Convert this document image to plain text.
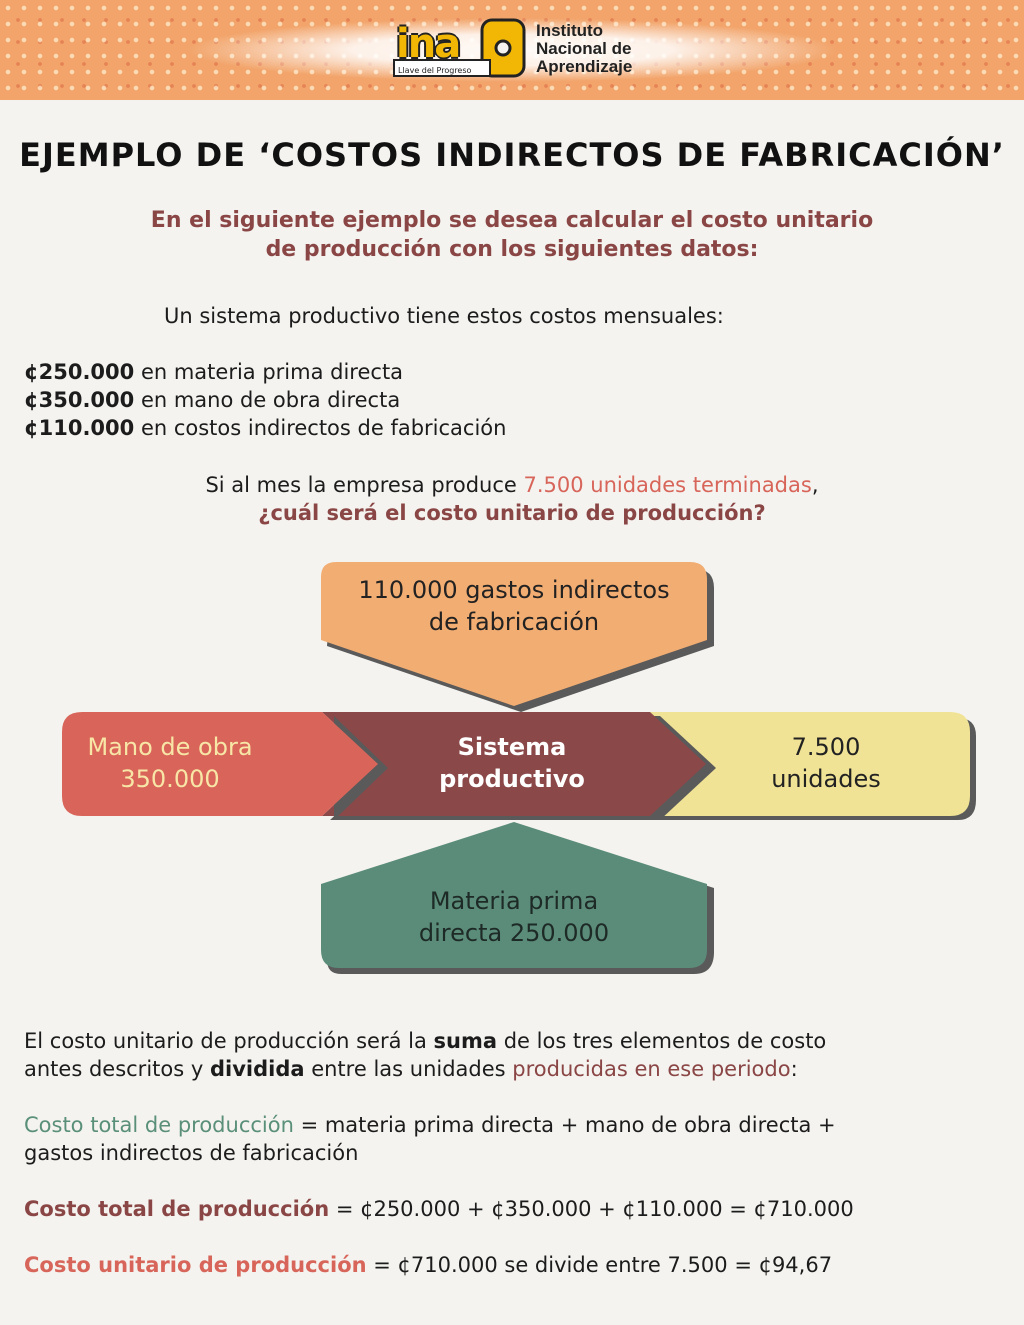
ina
Llave del Progreso
Instituto
Nacional de
Aprendizaje
EJEMPLO DE ‘COSTOS INDIRECTOS DE FABRICACIÓN’
En el siguiente ejemplo se desea calcular el costo unitario
de producción con los siguientes datos:
Un sistema productivo tiene estos costos mensuales:
¢250.000 en materia prima directa
¢350.000 en mano de obra directa
¢110.000 en costos indirectos de fabricación
Si al mes la empresa produce 7.500 unidades terminadas,
¿cuál será el costo unitario de producción?
110.000 gastos indirectos
de fabricación
Mano de obra
350.000
Sistema
productivo
7.500
unidades
Materia prima
directa 250.000
El costo unitario de producción será la suma de los tres elementos de costo
antes descritos y dividida entre las unidades producidas en ese periodo:
Costo total de producción = materia prima directa + mano de obra directa +
gastos indirectos de fabricación
Costo total de producción = ¢250.000 + ¢350.000 + ¢110.000 = ¢710.000
Costo unitario de producción = ¢710.000 se divide entre 7.500 = ¢94,67
